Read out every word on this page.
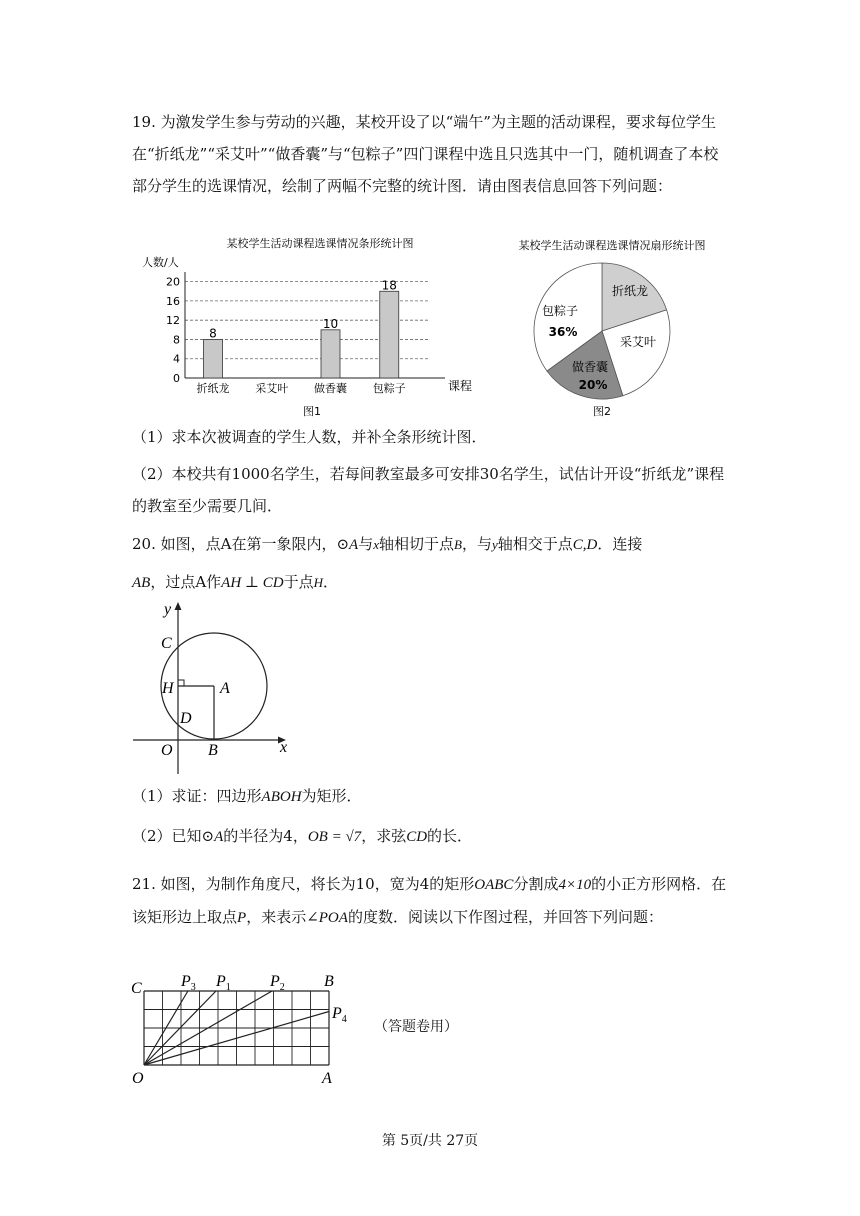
19. 为激发学生参与劳动的兴趣，某校开设了以“端午”为主题的活动课程，要求每位学生在“折纸龙”“采艾叶”“做香囊”与“包粽子”四门课程中选且只选其中一门，随机调查了本校部分学生的选课情况，绘制了两幅不完整的统计图．请由图表信息回答下列问题：

某校学生活动课程选课情况条形统计图
人数/人
0
4
8
12
16
20
8
10
18
折纸龙 采艾叶 做香囊 包粽子	课程
图1
某校学生活动课程选课情况扇形统计图
折纸龙
采艾叶
做香囊
20%
包粽子
36%
图2
（1）求本次被调查的学生人数，并补全条形统计图．

（2）本校共有1000名学生，若每间教室最多可安排30名学生，试估计开设“折纸龙”课程的教室至少需要几间．

20. 如图，点A在第一象限内，⊙A与x轴相切于点B，与y轴相交于点C,D．连接
AB，过点A作AH ⊥ CD于点H．
y
x
C
H	A
D
O B
（1）求证：四边形ABOH为矩形．
（2）已知⊙A的半径为4，OB = √7，求弦CD的长．

21. 如图，为制作角度尺，将长为10，宽为4的矩形OABC分割成4×10的小正方形网格．在该矩形边上取点P，来表示∠POA的度数．阅读以下作图过程，并回答下列问题：

C $P_3$ $P_1$ $P_2$ B
$P_4$
O	A
（答题卷用）
第 5页/共 27页
